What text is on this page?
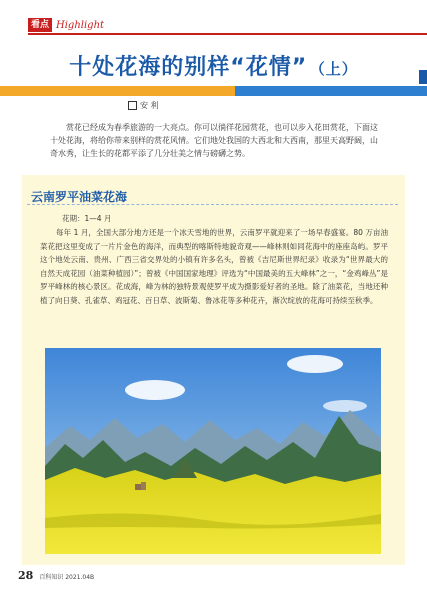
看点 Highlight
十处花海的别样“花情” （上）
安 利

赏花已经成为春季旅游的一大亮点。你可以徜徉花园赏花，也可以步入花田赏花，下面这十处花海，将给你带来别样的赏花风情。它们地处我国的大西北和大西南，那里天高野阔，山奇水秀，让生长的花都平添了几分壮美之情与磅礴之势。

云南罗平油菜花海
花期：1—4 月

每年 1 月，全国大部分地方还是一个冰天雪地的世界，云南罗平就迎来了一场早春盛宴。80 万亩油菜花把这里变成了一片片金色的海洋，而典型的喀斯特地貌奇观——峰林则如同花海中的座座岛屿。罗平这个地处云南、贵州、广西三省交界处的小镇有许多名头，曾被《吉尼斯世界纪录》收录为“世界最大的自然天成花园（油菜种植园）”；曾被《中国国家地理》评选为“中国最美的五大峰林”之一，“金鸡峰丛”是罗平峰林的核心景区。花成海，峰为林的独特景观使罗平成为摄影爱好者的圣地。除了油菜花，当地还种植了向日葵、孔雀草、鸡冠花、百日草、波斯菊、鲁冰花等多种花卉，渐次绽放的花海可持续至秋季。

28 百科知识 2021.04B
